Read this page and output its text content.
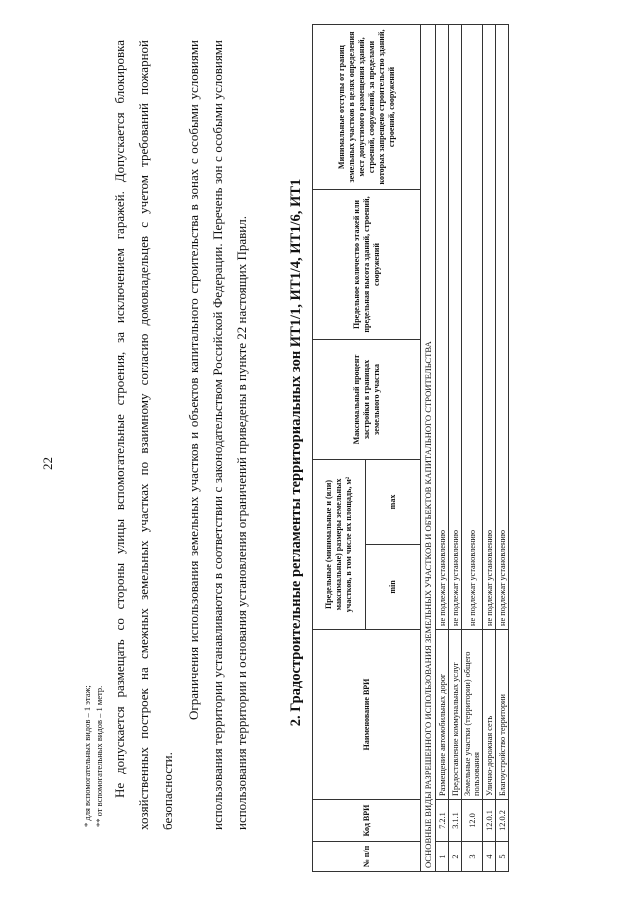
22
* для вспомогательных видов – 1 этаж; ** от вспомогательных видов – 1 метр. Не допускается размещать со стороны улицы вспомогательные строения, за исключением гаражей. Допускается блокировка хозяйственных построек на смежных земельных участках по взаимному согласию домовладельцев с учетом требований пожарной безопасности.
Ограничения использования земельных участков и объектов капитального строительства в зонах с особыми условиями использования территории устанавливаются в соответствии с законодательством Российской Федерации. Перечень зон с особыми условиями использования территории и основания установления ограничений приведены в пункте 22 настоящих Правил.	2. Градостроительные регламенты территориальных зон ИТ1/1, ИТ1/4, ИТ1/6, ИТ1
№ п/п	Код ВРИ	Наименование ВРИ	Предельные (минимальные и (или) максимальные) размеры земельных участков, в том числе их площадь, м²		Максимальный процент застройки в границах земельного участка	Предельное количество этажей или предельная высота зданий, строений, сооружений	Минимальные отступы от границ земельных участков в целях определения мест допустимого размещения зданий, строений, сооружений, за пределами которых запрещено строительство зданий, строений, сооружений
			min	max			
ОСНОВНЫЕ ВИДЫ РАЗРЕШЕННОГО ИСПОЛЬЗОВАНИЯ ЗЕМЕЛЬНЫХ УЧАСТКОВ И ОБЪЕКТОВ КАПИТАЛЬНОГО СТРОИТЕЛЬСТВА							
1	7.2.1	Размещение автомобильных дорог	не подлежат установлению				
2	3.1.1	Предоставление коммунальных услуг	не подлежат установлению				
3	12.0	Земельные участки (территории) общего пользования	не подлежат установлению				
4	12.0.1	Улично-дорожная сеть	не подлежат установлению				
5	12.0.2	Благоустройство территории	не подлежат установлению				
